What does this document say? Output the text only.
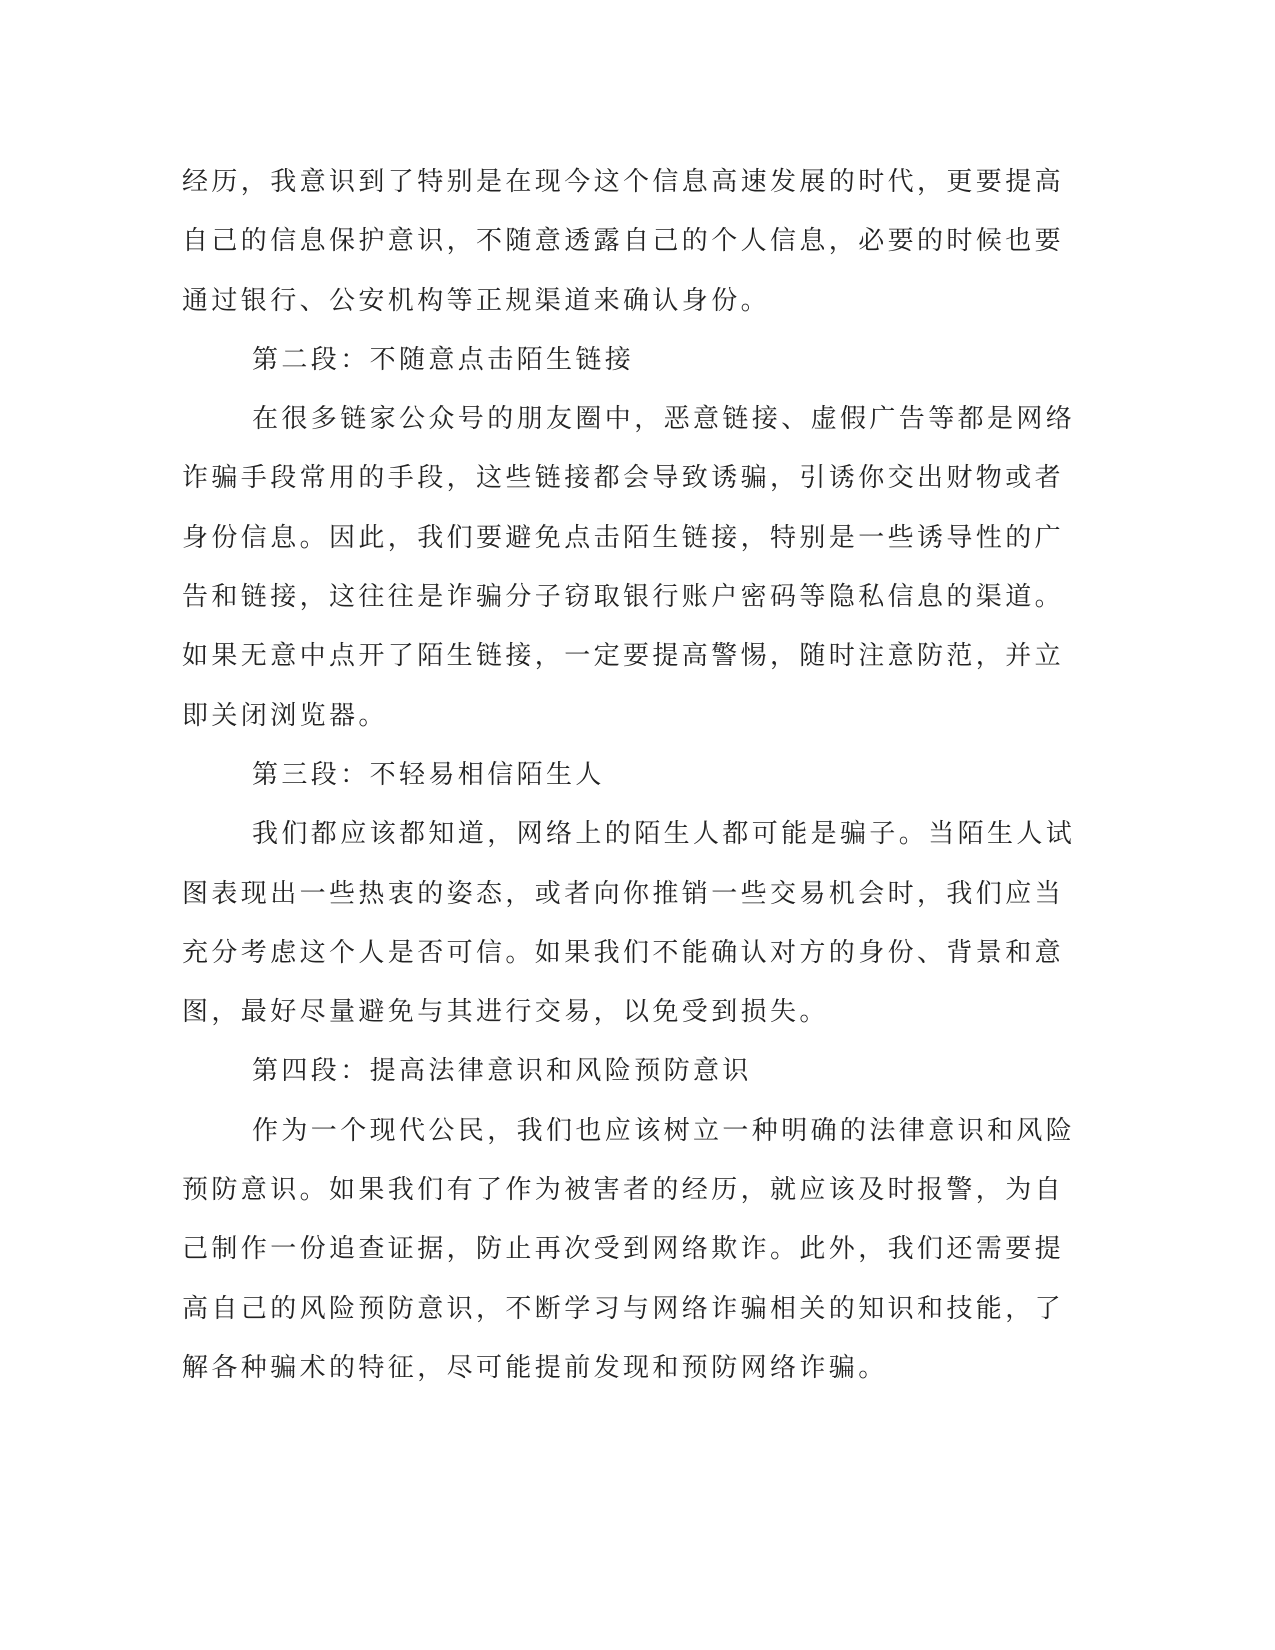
经历，我意识到了特别是在现今这个信息高速发展的时代，更要提高
自己的信息保护意识，不随意透露自己的个人信息，必要的时候也要
通过银行、公安机构等正规渠道来确认身份。
第二段：不随意点击陌生链接
在很多链家公众号的朋友圈中，恶意链接、虚假广告等都是网络
诈骗手段常用的手段，这些链接都会导致诱骗，引诱你交出财物或者
身份信息。因此，我们要避免点击陌生链接，特别是一些诱导性的广
告和链接，这往往是诈骗分子窃取银行账户密码等隐私信息的渠道。
如果无意中点开了陌生链接，一定要提高警惕，随时注意防范，并立
即关闭浏览器。
第三段：不轻易相信陌生人
我们都应该都知道，网络上的陌生人都可能是骗子。当陌生人试
图表现出一些热衷的姿态，或者向你推销一些交易机会时，我们应当
充分考虑这个人是否可信。如果我们不能确认对方的身份、背景和意
图，最好尽量避免与其进行交易，以免受到损失。
第四段：提高法律意识和风险预防意识
作为一个现代公民，我们也应该树立一种明确的法律意识和风险
预防意识。如果我们有了作为被害者的经历，就应该及时报警，为自
己制作一份追查证据，防止再次受到网络欺诈。此外，我们还需要提
高自己的风险预防意识，不断学习与网络诈骗相关的知识和技能，了
解各种骗术的特征，尽可能提前发现和预防网络诈骗。
